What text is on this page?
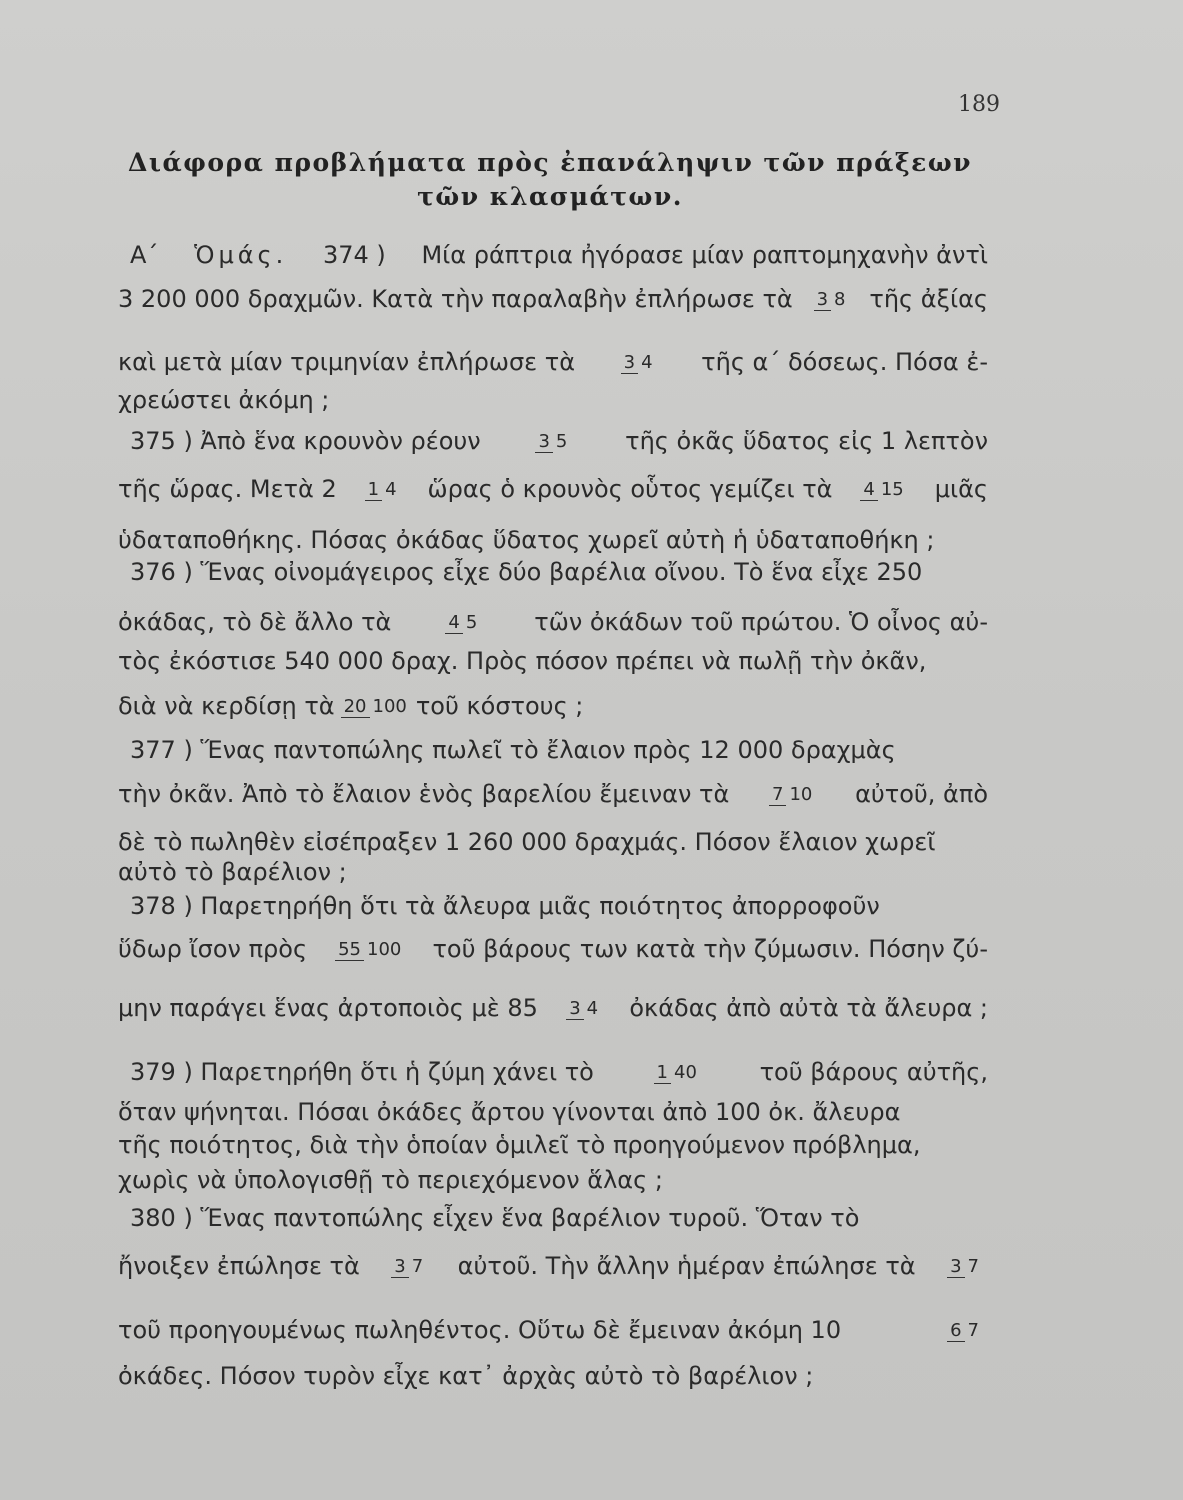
189
Διάφορα προβλήματα πρὸς ἐπανάληψιν τῶν πράξεων
τῶν κλασμάτων.
Α΄ Ὁμάς. 374 ) Μία ράπτρια ἠγόρασε μίαν ραπτομηχανὴν ἀντὶ
3 200 000 δραχμῶν. Κατὰ τὴν παραλαβὴν ἐπλήρωσε τὰ 3 8 τῆς ἀξίας
καὶ μετὰ μίαν τριμηνίαν ἐπλήρωσε τὰ	3 4 τῆς α΄ δόσεως. Πόσα ἐ-
χρεώστει ἀκόμη ;
375 ) Ἀπὸ ἕνα κρουνὸν ρέουν	3 5 τῆς ὀκᾶς ὕδατος εἰς 1 λεπτὸν
τῆς ὥρας. Μετὰ 2 1 4 ὥρας ὁ κρουνὸς οὗτος γεμίζει τὰ 4 15 μιᾶς
ὑδαταποθήκης. Πόσας ὀκάδας ὕδατος χωρεῖ αὐτὴ ἡ ὑδαταποθήκη ;
376 ) Ἕνας οἰνομάγειρος εἶχε δύο βαρέλια οἴνου. Τὸ ἕνα εἶχε 250
ὀκάδας, τὸ δὲ ἄλλο τὰ	4 5 τῶν ὀκάδων τοῦ πρώτου. Ὁ οἶνος αὐ-
τὸς ἐκόστισε 540 000 δραχ. Πρὸς πόσον πρέπει νὰ πωλῇ τὴν ὀκᾶν,
διὰ νὰ κερδίσῃ τὰ 20 100 τοῦ κόστους ;
377 ) Ἕνας παντοπώλης πωλεῖ τὸ ἔλαιον πρὸς 12 000 δραχμὰς
τὴν ὀκᾶν. Ἀπὸ τὸ ἔλαιον ἑνὸς βαρελίου ἔμειναν τὰ 7 10 αὐτοῦ, ἀπὸ
δὲ τὸ πωληθὲν εἰσέπραξεν 1 260 000 δραχμάς. Πόσον ἔλαιον χωρεῖ
αὐτὸ τὸ βαρέλιον ;
378 ) Παρετηρήθη ὅτι τὰ ἄλευρα μιᾶς ποιότητος ἀπορροφοῦν
ὕδωρ ἴσον πρὸς 55 100 τοῦ βάρους των κατὰ τὴν ζύμωσιν. Πόσην ζύ-
μην παράγει ἕνας ἀρτοποιὸς μὲ 85 3 4 ὀκάδας ἀπὸ αὐτὰ τὰ ἄλευρα ;
379 ) Παρετηρήθη ὅτι ἡ ζύμη χάνει τὸ	1 40	τοῦ βάρους αὐτῆς,
ὅταν ψήνηται. Πόσαι ὀκάδες ἄρτου γίνονται ἀπὸ 100 ὀκ. ἄλευρα
τῆς ποιότητος, διὰ τὴν ὁποίαν ὁμιλεῖ τὸ προηγούμενον πρόβλημα,
χωρὶς νὰ ὑπολογισθῇ τὸ περιεχόμενον ἅλας ;
380 ) Ἕνας παντοπώλης εἶχεν ἕνα βαρέλιον τυροῦ. Ὅταν τὸ
ἤνοιξεν ἐπώλησε τὰ 3 7 αὐτοῦ. Τὴν ἄλλην ἡμέραν ἐπώλησε τὰ 3 7
τοῦ προηγουμένως πωληθέντος. Οὕτω δὲ ἔμειναν ἀκόμη 10	6 7
ὀκάδες. Πόσον τυρὸν εἶχε κατ᾿ ἀρχὰς αὐτὸ τὸ βαρέλιον ;
